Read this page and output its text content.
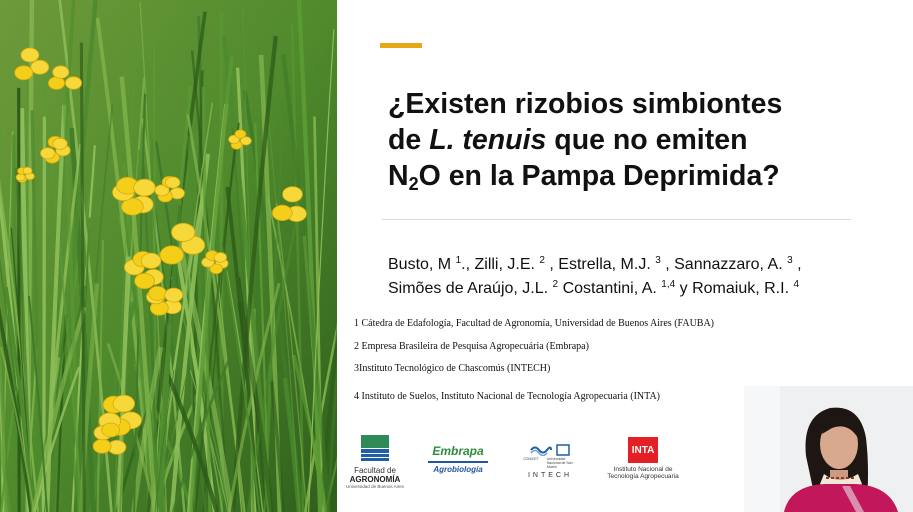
¿Existen rizobios simbiontes
de L. tenuis que no emiten
$N_2O$ en la Pampa Deprimida?

Busto, M $^1$., Zilli, J.E. $^2$ , Estrella, M.J. $^3$ , Sannazzaro, A. $^3$ ,
Simões de Araújo, J.L. $^2$ Costantini, A. $^{1,4}$ y Romaiuk, R.I. $^4$

1 Cátedra de Edafología, Facultad de Agronomía, Universidad de Buenos Aires (FAUBA)

2 Empresa Brasileira de Pesquisa Agropecuária (Embrapa)

3Instituto Tecnológico de Chascomús (INTECH)

4 Instituto de Suelos, Instituto Nacional de Tecnología Agropecuaria (INTA)

Facultad de
AGRONOMÍA
Universidad de Buenos Aires
Embrapa
Agrobiología
CONICET Universidad Nacional de San Martín
INTECH
INTA
Instituto Nacional de
Tecnología Agropecuaria
